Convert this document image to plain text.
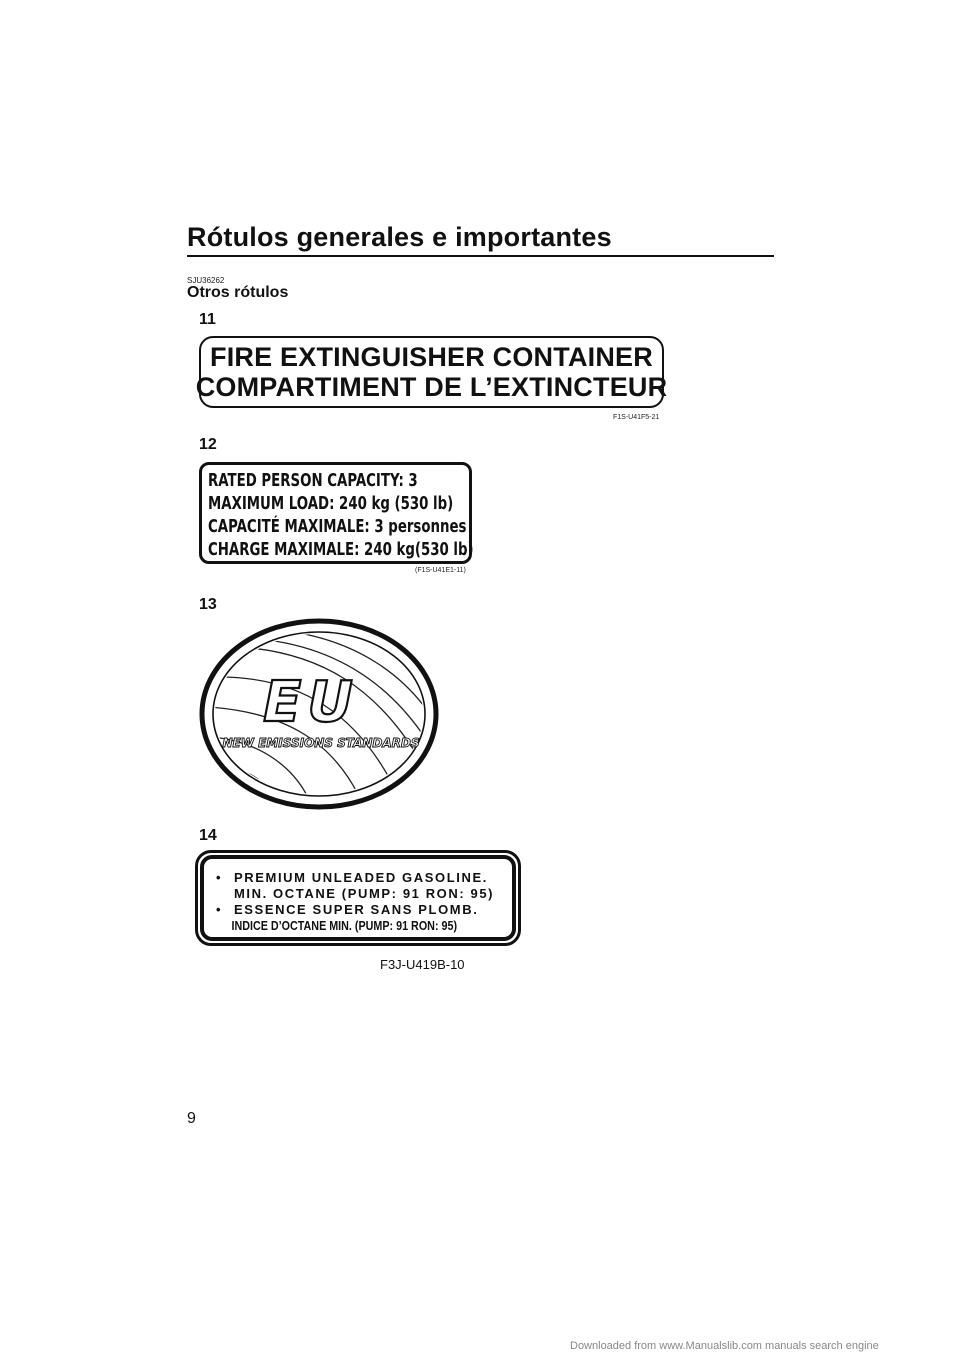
Rótulos generales e importantes
SJU36262
Otros rótulos
11
FIRE EXTINGUISHER CONTAINER
COMPARTIMENT DE L’EXTINCTEUR
F1S-U41F5-21
12
RATED PERSON CAPACITY: 3
MAXIMUM LOAD: 240 kg (530 lb)
CAPACITÉ MAXIMALE: 3 personnes
CHARGE MAXIMALE: 240 kg(530 lb)
(F1S-U41E1-11)
13
EU
NEW EMISSIONS STANDARDS
14
• PREMIUM UNLEADED GASOLINE.
MIN. OCTANE (PUMP: 91 RON: 95)
• ESSENCE SUPER SANS PLOMB.
INDICE D’OCTANE MIN. (PUMP: 91 RON: 95)
F3J-U419B-10
9
Downloaded from www.Manualslib.com manuals search engine
